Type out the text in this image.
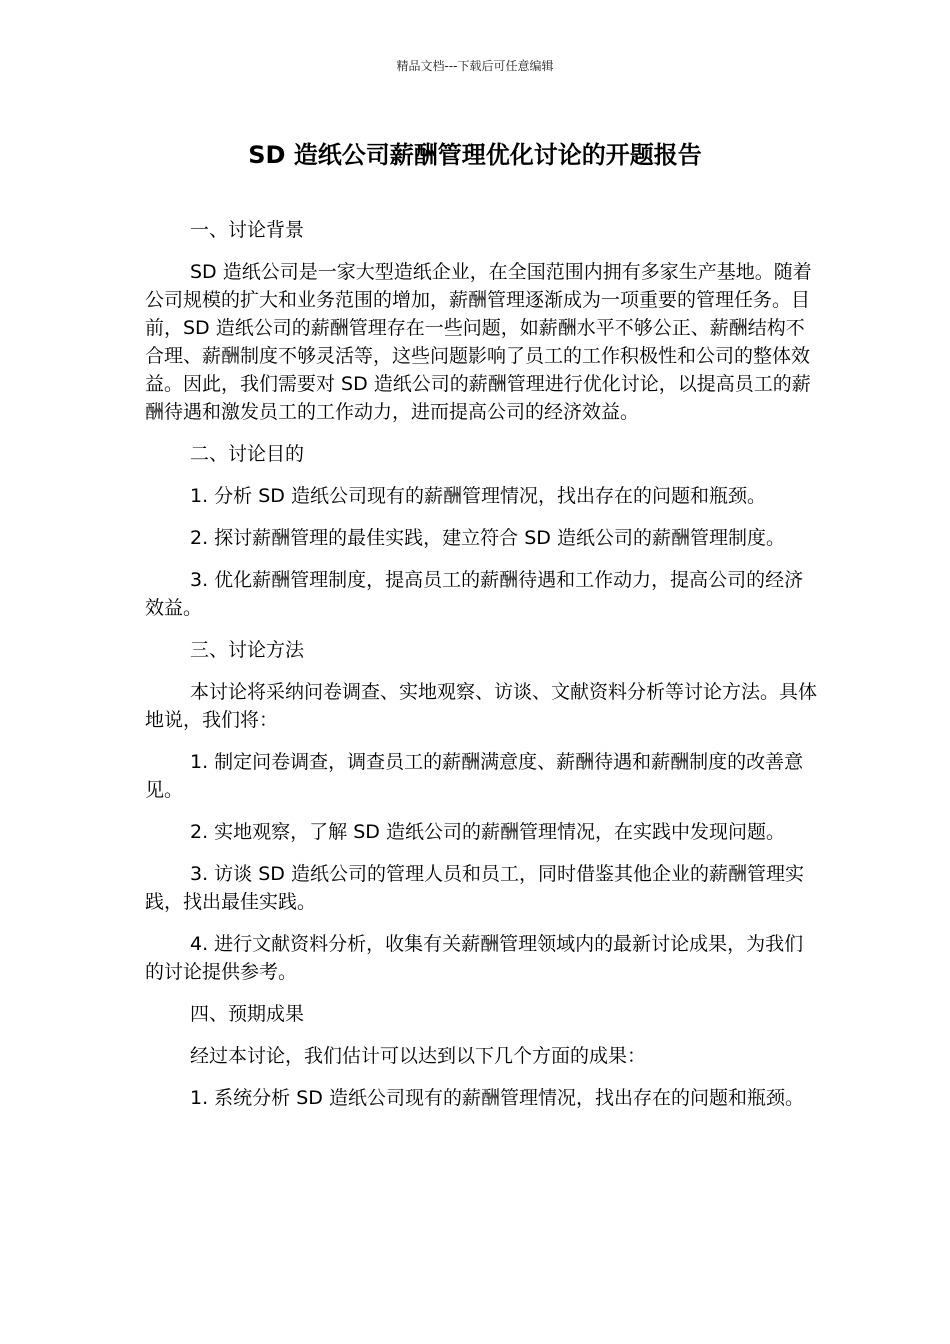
精品文档---下载后可任意编辑
SD 造纸公司薪酬管理优化讨论的开题报告

一、讨论背景

SD 造纸公司是一家大型造纸企业，在全国范围内拥有多家生产基地。随着公司规模的扩大和业务范围的增加，薪酬管理逐渐成为一项重要的管理任务。目前，SD 造纸公司的薪酬管理存在一些问题，如薪酬水平不够公正、薪酬结构不合理、薪酬制度不够灵活等，这些问题影响了员工的工作积极性和公司的整体效益。因此，我们需要对 SD 造纸公司的薪酬管理进行优化讨论，以提高员工的薪酬待遇和激发员工的工作动力，进而提高公司的经济效益。

二、讨论目的

1. 分析 SD 造纸公司现有的薪酬管理情况，找出存在的问题和瓶颈。

2. 探讨薪酬管理的最佳实践，建立符合 SD 造纸公司的薪酬管理制度。

3. 优化薪酬管理制度，提高员工的薪酬待遇和工作动力，提高公司的经济效益。

三、讨论方法

本讨论将采纳问卷调查、实地观察、访谈、文献资料分析等讨论方法。具体地说，我们将：

1. 制定问卷调查，调查员工的薪酬满意度、薪酬待遇和薪酬制度的改善意见。

2. 实地观察，了解 SD 造纸公司的薪酬管理情况，在实践中发现问题。

3. 访谈 SD 造纸公司的管理人员和员工，同时借鉴其他企业的薪酬管理实践，找出最佳实践。

4. 进行文献资料分析，收集有关薪酬管理领域内的最新讨论成果，为我们的讨论提供参考。

四、预期成果

经过本讨论，我们估计可以达到以下几个方面的成果：

1. 系统分析 SD 造纸公司现有的薪酬管理情况，找出存在的问题和瓶颈。
